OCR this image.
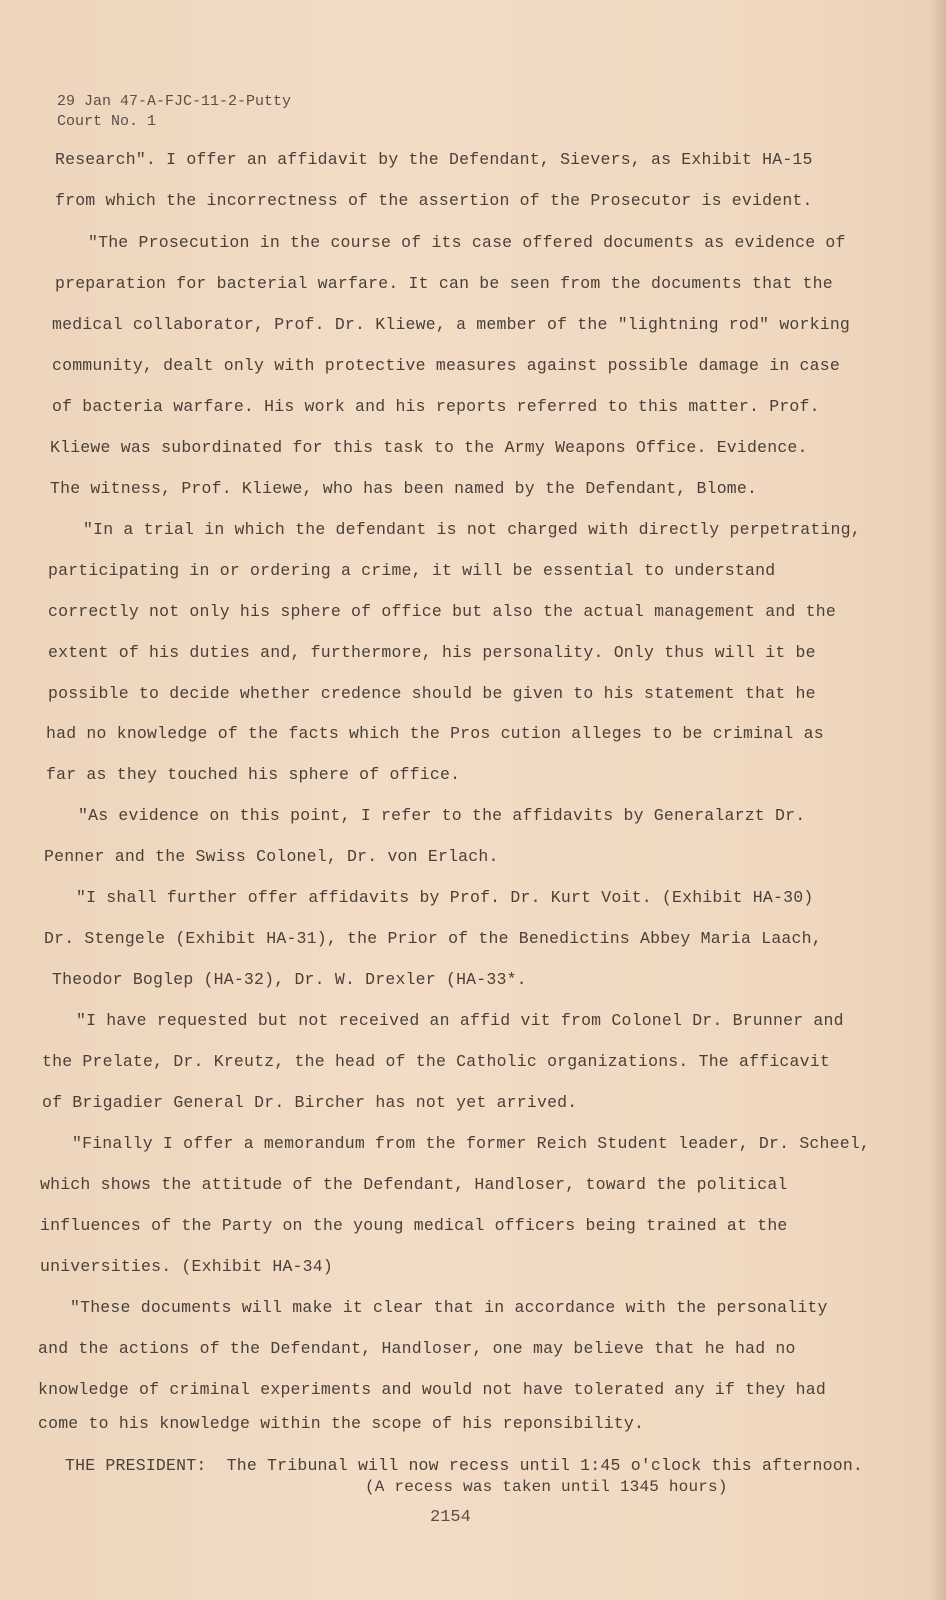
29 Jan 47-A-FJC-11-2-Putty
Court No. 1
Research". I offer an affidavit by the Defendant, Sievers, as Exhibit HA-15
from which the incorrectness of the assertion of the Prosecutor is evident.
"The Prosecution in the course of its case offered documents as evidence of
preparation for bacterial warfare. It can be seen from the documents that the
medical collaborator, Prof. Dr. Kliewe, a member of the "lightning rod" working
community, dealt only with protective measures against possible damage in case
of bacteria warfare. His work and his reports referred to this matter. Prof.
Kliewe was subordinated for this task to the Army Weapons Office. Evidence.
The witness, Prof. Kliewe, who has been named by the Defendant, Blome.
"In a trial in which the defendant is not charged with directly perpetrating,
participating in or ordering a crime, it will be essential to understand
correctly not only his sphere of office but also the actual management and the
extent of his duties and, furthermore, his personality. Only thus will it be
possible to decide whether credence should be given to his statement that he
had no knowledge of the facts which the Pros cution alleges to be criminal as
far as they touched his sphere of office.
"As evidence on this point, I refer to the affidavits by Generalarzt Dr.
Penner and the Swiss Colonel, Dr. von Erlach.
"I shall further offer affidavits by Prof. Dr. Kurt Voit. (Exhibit HA-30)
Dr. Stengele (Exhibit HA-31), the Prior of the Benedictins Abbey Maria Laach,
Theodor Boglep (HA-32), Dr. W. Drexler (HA-33*.
"I have requested but not received an affid vit from Colonel Dr. Brunner and
the Prelate, Dr. Kreutz, the head of the Catholic organizations. The afficavit
of Brigadier General Dr. Bircher has not yet arrived.
"Finally I offer a memorandum from the former Reich Student leader, Dr. Scheel,
which shows the attitude of the Defendant, Handloser, toward the political
influences of the Party on the young medical officers being trained at the
universities. (Exhibit HA-34)
"These documents will make it clear that in accordance with the personality
and the actions of the Defendant, Handloser, one may believe that he had no
knowledge of criminal experiments and would not have tolerated any if they had
come to his knowledge within the scope of his reponsibility.
THE PRESIDENT:  The Tribunal will now recess until 1:45 o'clock this afternoon.
(A recess was taken until 1345 hours)
2154
